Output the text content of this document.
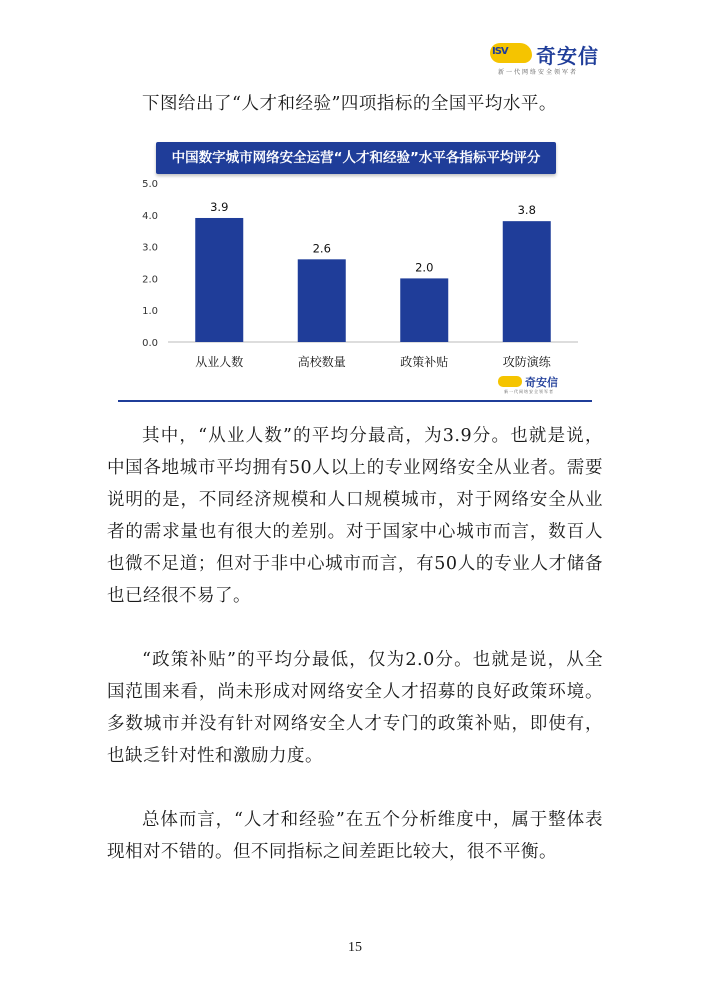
ISV 奇安信
新一代网络安全领军者
下图给出了“人才和经验”四项指标的全国平均水平。
0.0
1.0
2.0
3.0
4.0
5.0
3.9
从业人数
2.6
高校数量
2.0
政策补贴
3.8
攻防演练
中国数字城市网络安全运营“人才和经验”水平各指标平均评分
奇安信
新一代网络安全领军者
其中，“从业人数”的平均分最高，为3.9分。也就是说，中国各地城市平均拥有50人以上的专业网络安全从业者。需要说明的是，不同经济规模和人口规模城市，对于网络安全从业者的需求量也有很大的差别。对于国家中心城市而言，数百人也微不足道；但对于非中心城市而言，有50人的专业人才储备也已经很不易了。
“政策补贴”的平均分最低，仅为2.0分。也就是说，从全国范围来看，尚未形成对网络安全人才招募的良好政策环境。多数城市并没有针对网络安全人才专门的政策补贴，即使有，也缺乏针对性和激励力度。
总体而言，“人才和经验”在五个分析维度中，属于整体表现相对不错的。但不同指标之间差距比较大，很不平衡。
15
